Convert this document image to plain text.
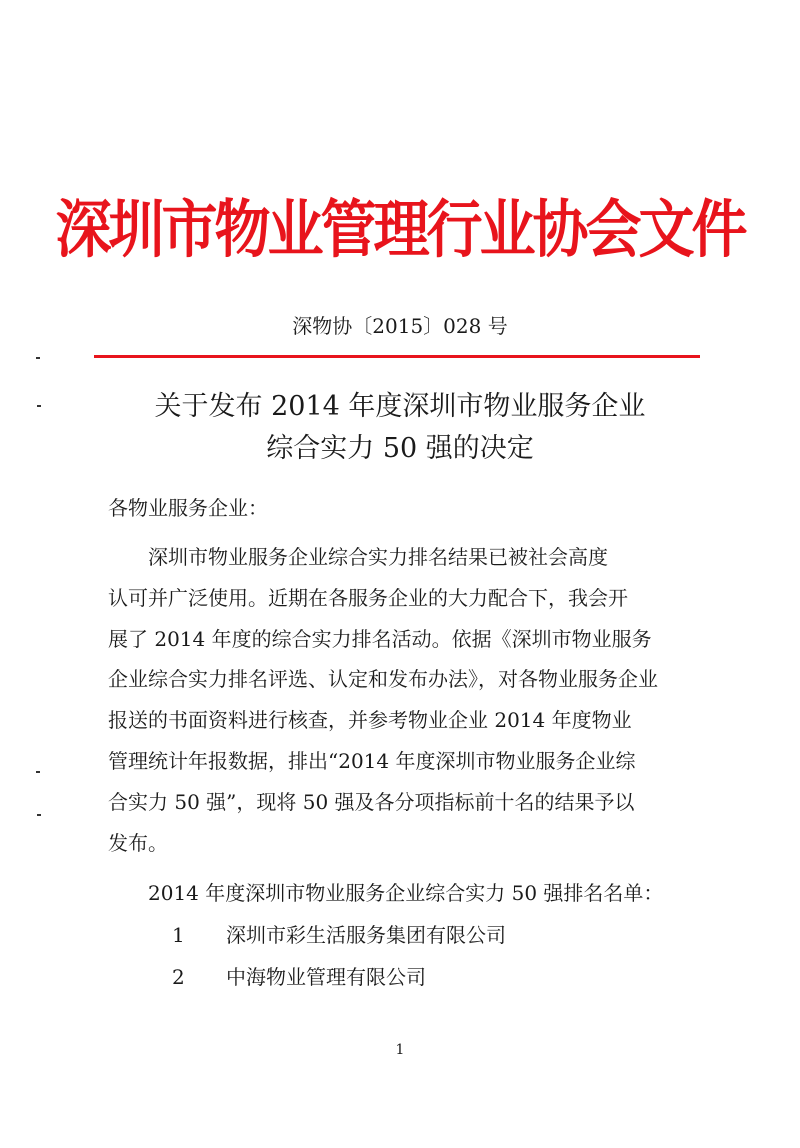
深圳市物业管理行业协会文件
深物协〔2015〕028 号
关于发布 2014 年度深圳市物业服务企业
综合实力 50 强的决定
各物业服务企业：
　　深圳市物业服务企业综合实力排名结果已被社会高度
认可并广泛使用。近期在各服务企业的大力配合下，我会开
展了 2014 年度的综合实力排名活动。依据《深圳市物业服务
企业综合实力排名评选、认定和发布办法》，对各物业服务企业
报送的书面资料进行核查，并参考物业企业 2014 年度物业
管理统计年报数据，排出“2014 年度深圳市物业服务企业综
合实力 50 强”，现将 50 强及各分项指标前十名的结果予以
发布。
2014 年度深圳市物业服务企业综合实力 50 强排名名单：
1 深圳市彩生活服务集团有限公司
2 中海物业管理有限公司
1
